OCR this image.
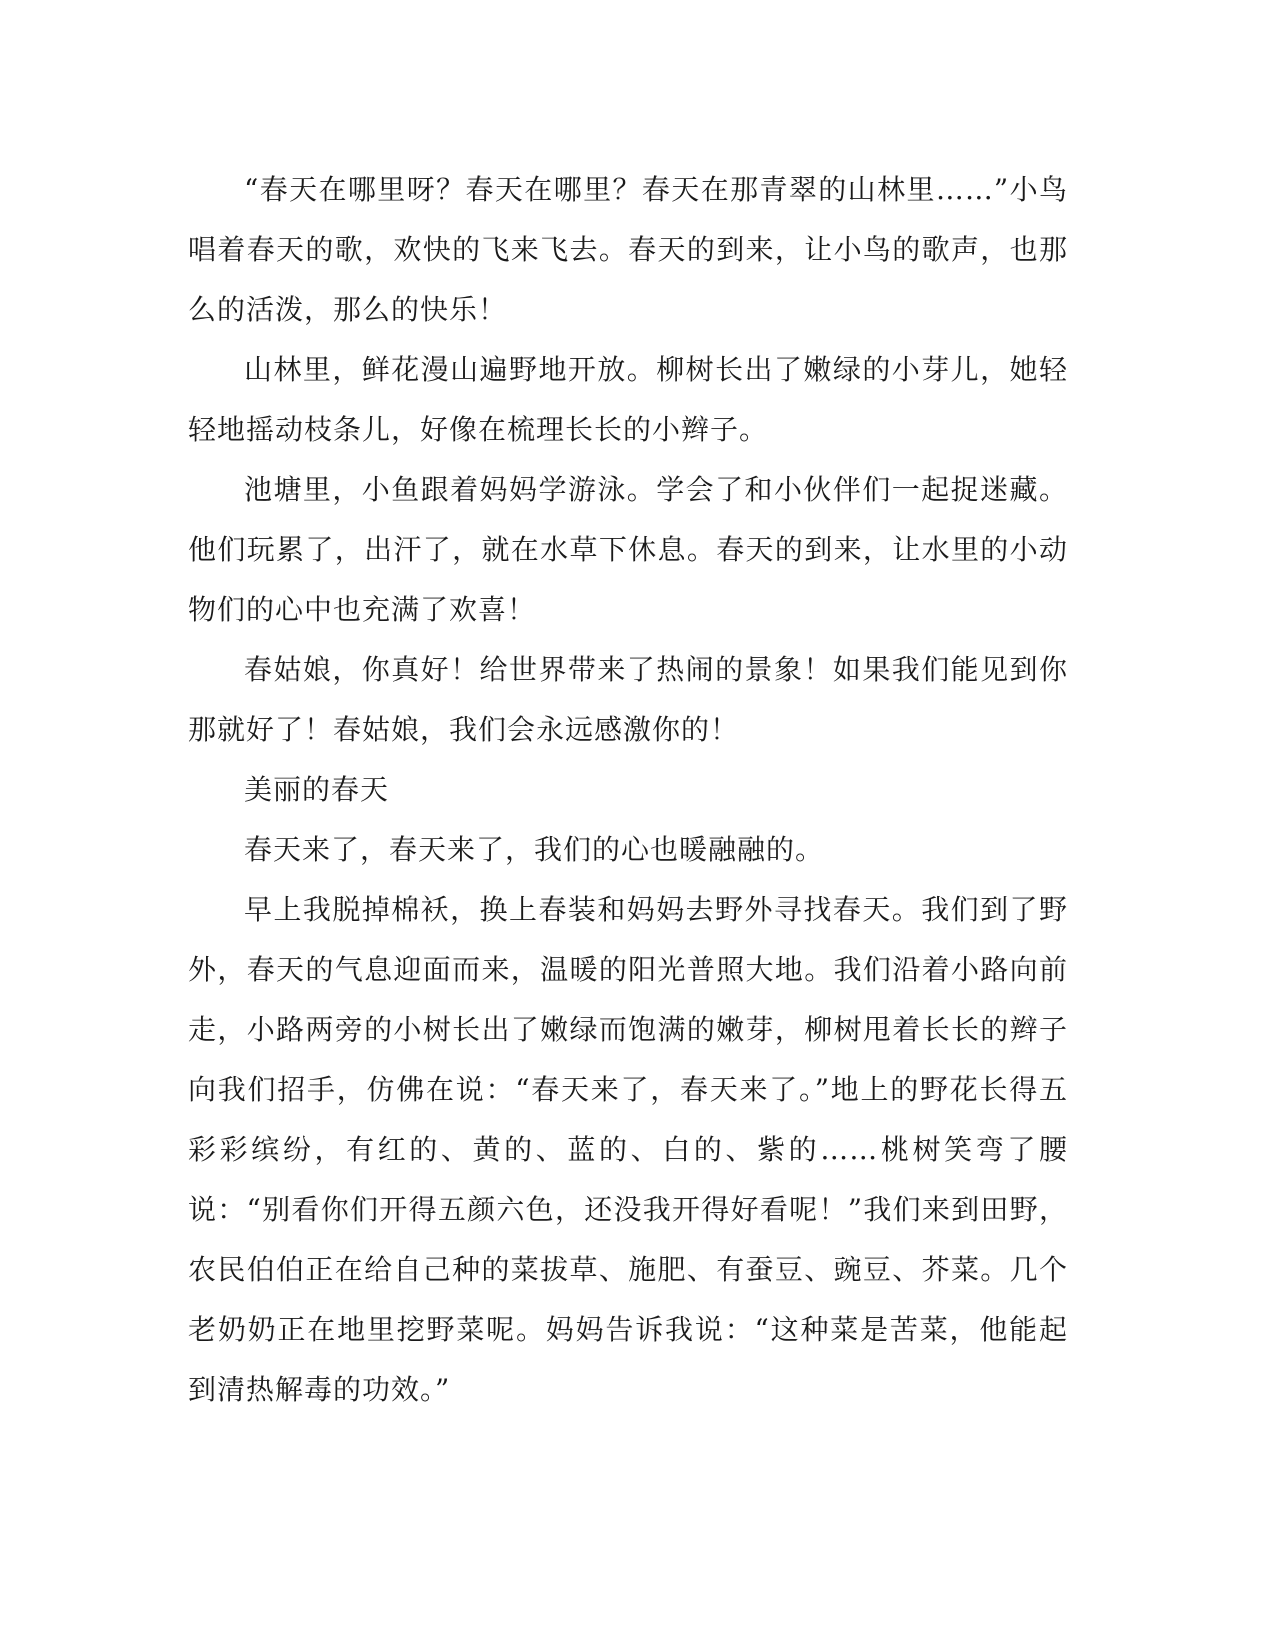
“春天在哪里呀？春天在哪里？春天在那青翠的山林里……”小鸟唱着春天的歌，欢快的飞来飞去。春天的到来，让小鸟的歌声，也那么的活泼，那么的快乐！

山林里，鲜花漫山遍野地开放。柳树长出了嫩绿的小芽儿，她轻轻地摇动枝条儿，好像在梳理长长的小辫子。

池塘里，小鱼跟着妈妈学游泳。学会了和小伙伴们一起捉迷藏。他们玩累了，出汗了，就在水草下休息。春天的到来，让水里的小动物们的心中也充满了欢喜！

春姑娘，你真好！给世界带来了热闹的景象！如果我们能见到你那就好了！春姑娘，我们会永远感激你的！

美丽的春天

春天来了，春天来了，我们的心也暖融融的。

早上我脱掉棉袄，换上春装和妈妈去野外寻找春天。我们到了野外，春天的气息迎面而来，温暖的阳光普照大地。我们沿着小路向前走，小路两旁的小树长出了嫩绿而饱满的嫩芽，柳树甩着长长的辫子向我们招手，仿佛在说：“春天来了，春天来了。”地上的野花长得五彩彩缤纷，有红的、黄的、蓝的、白的、紫的……桃树笑弯了腰说：“别看你们开得五颜六色，还没我开得好看呢！”我们来到田野，农民伯伯正在给自己种的菜拔草、施肥、有蚕豆、豌豆、芥菜。几个老奶奶正在地里挖野菜呢。妈妈告诉我说：“这种菜是苦菜，他能起到清热解毒的功效。”
